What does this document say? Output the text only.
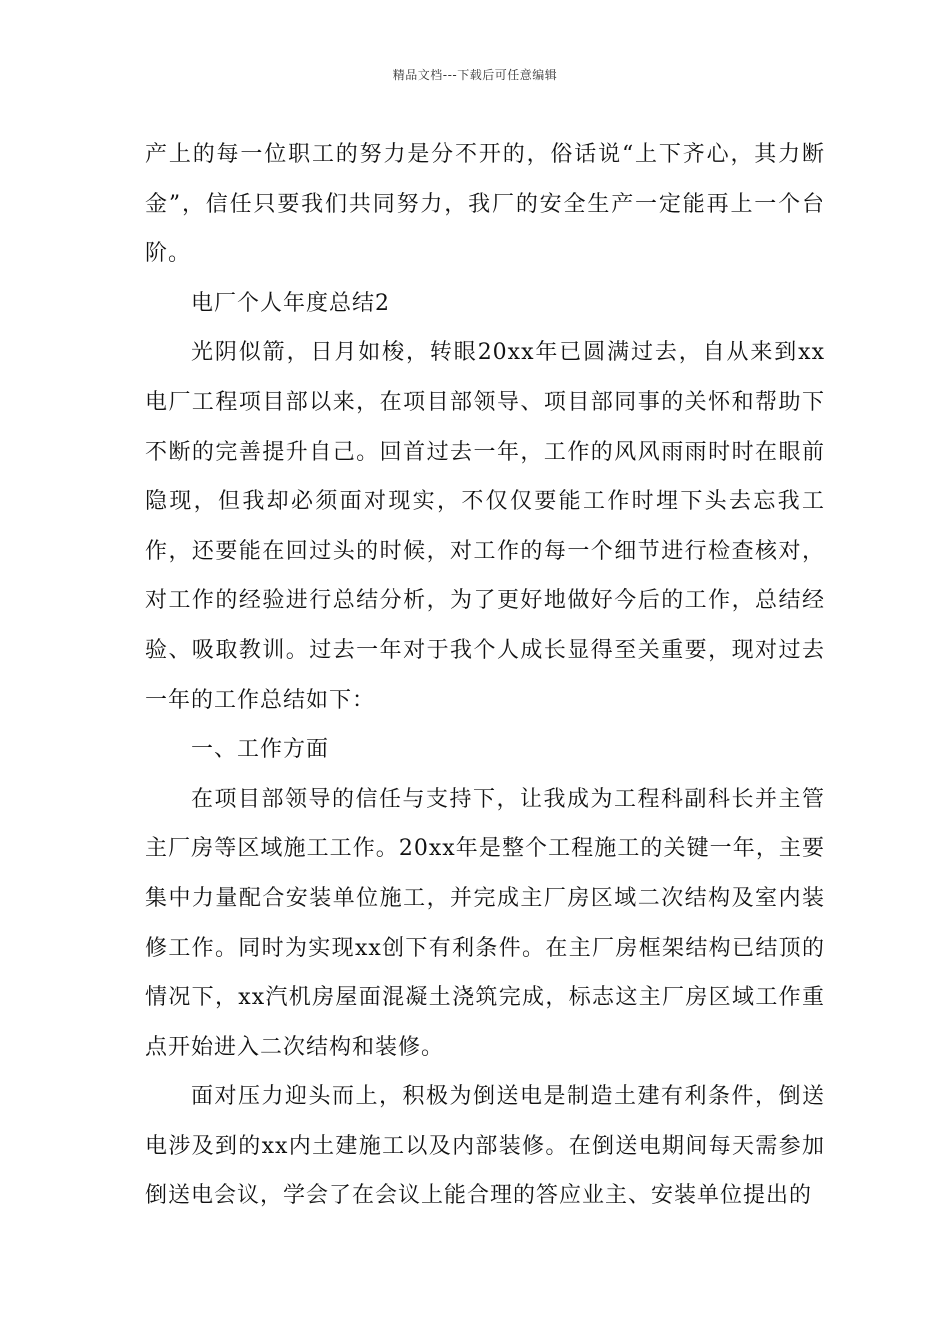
精品文档---下载后可任意编辑

产上的每一位职工的努力是分不开的，俗话说“上下齐心，其力断金”，信任只要我们共同努力，我厂的安全生产一定能再上一个台阶。

电厂个人年度总结2

光阴似箭，日月如梭，转眼20xx年已圆满过去，自从来到xx电厂工程项目部以来，在项目部领导、项目部同事的关怀和帮助下不断的完善提升自己。回首过去一年，工作的风风雨雨时时在眼前隐现，但我却必须面对现实，不仅仅要能工作时埋下头去忘我工作，还要能在回过头的时候，对工作的每一个细节进行检查核对，对工作的经验进行总结分析，为了更好地做好今后的工作，总结经验、吸取教训。过去一年对于我个人成长显得至关重要，现对过去一年的工作总结如下：

一、工作方面

在项目部领导的信任与支持下，让我成为工程科副科长并主管主厂房等区域施工工作。20xx年是整个工程施工的关键一年，主要集中力量配合安装单位施工，并完成主厂房区域二次结构及室内装修工作。同时为实现xx创下有利条件。在主厂房框架结构已结顶的情况下，xx汽机房屋面混凝土浇筑完成，标志这主厂房区域工作重点开始进入二次结构和装修。

面对压力迎头而上，积极为倒送电是制造土建有利条件，倒送电涉及到的xx内土建施工以及内部装修。在倒送电期间每天需参加倒送电会议，学会了在会议上能合理的答应业主、安装单位提出的
